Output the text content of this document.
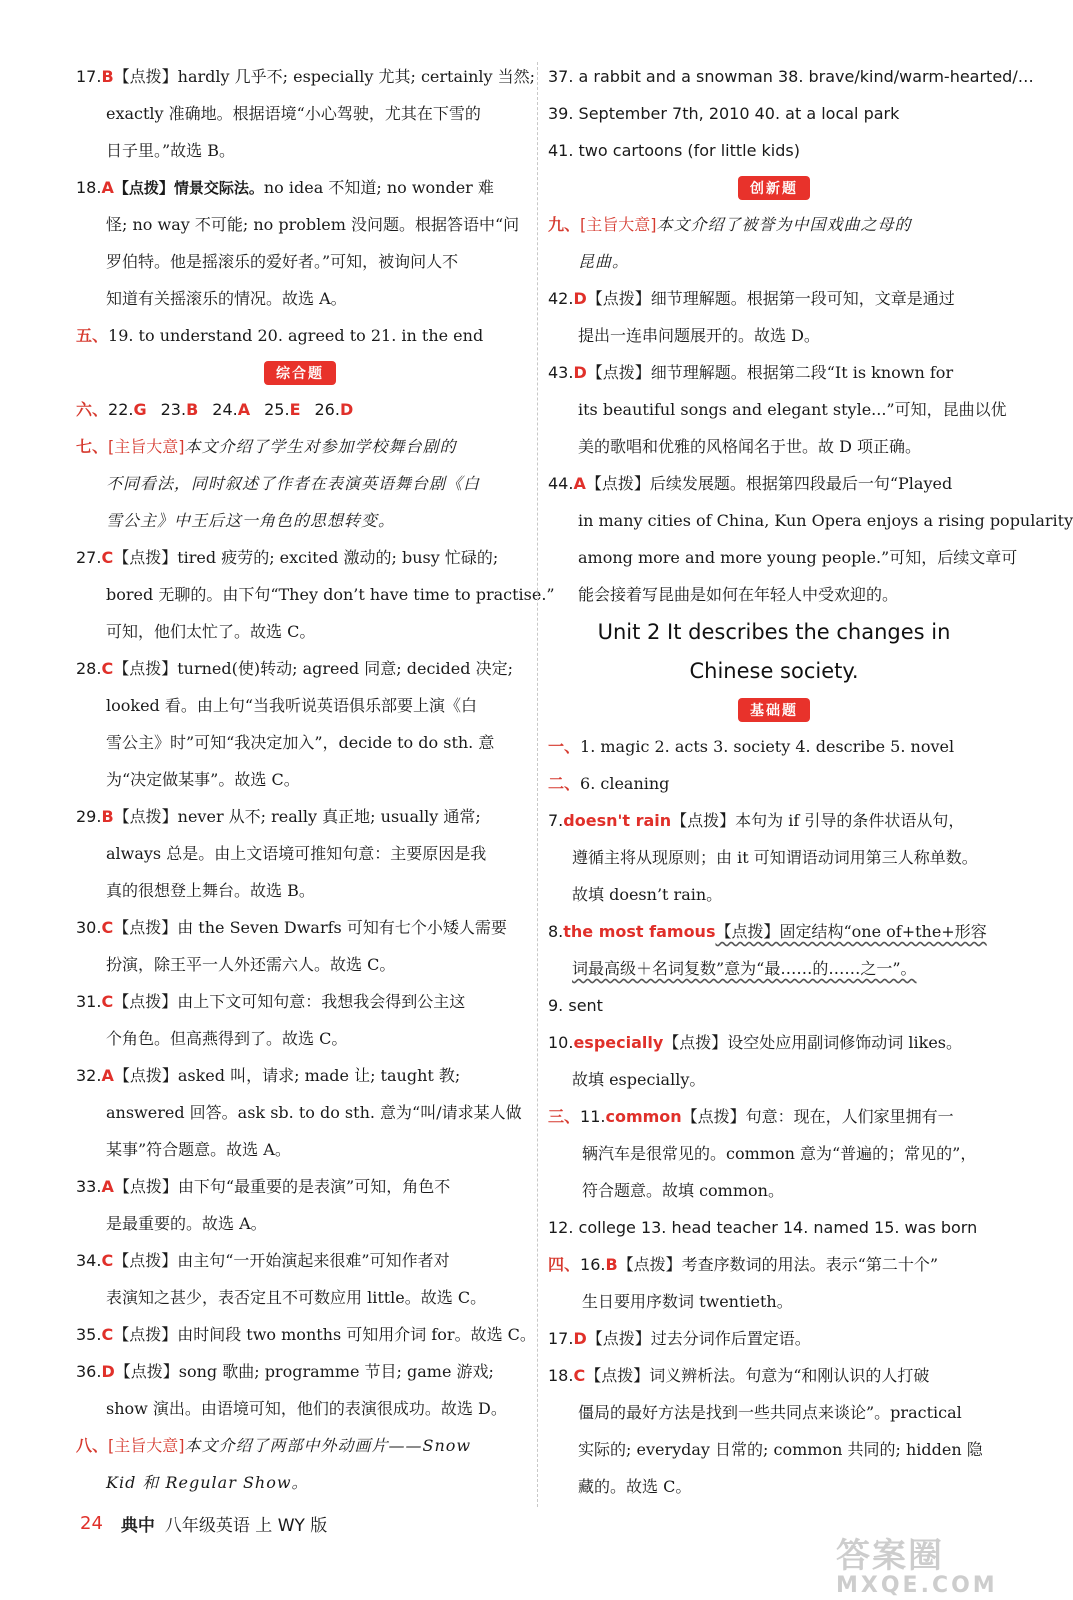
17.B【点拨】hardly 几乎不; especially 尤其; certainly 当然;
exactly 准确地。根据语境“小心驾驶，尤其在下雪的
日子里。”故选 B。
18.A【点拨】情景交际法。no idea 不知道; no wonder 难
怪; no way 不可能; no problem 没问题。根据答语中“问
罗伯特。他是摇滚乐的爱好者。”可知，被询问人不
知道有关摇滚乐的情况。故选 A。
五、19. to understand 20. agreed to 21. in the end
综合题
六、22.G 23.B 24.A 25.E 26.D
七、[主旨大意]本文介绍了学生对参加学校舞台剧的
不同看法，同时叙述了作者在表演英语舞台剧《白
雪公主》中王后这一角色的思想转变。
27.C【点拨】tired 疲劳的; excited 激动的; busy 忙碌的;
bored 无聊的。由下句“They don’t have time to practise.”
可知，他们太忙了。故选 C。
28.C【点拨】turned(使)转动; agreed 同意; decided 决定;
looked 看。由上句“当我听说英语俱乐部要上演《白
雪公主》时”可知“我决定加入”，decide to do sth. 意
为“决定做某事”。故选 C。
29.B【点拨】never 从不; really 真正地; usually 通常;
always 总是。由上文语境可推知句意：主要原因是我
真的很想登上舞台。故选 B。
30.C【点拨】由 the Seven Dwarfs 可知有七个小矮人需要
扮演，除王平一人外还需六人。故选 C。
31.C【点拨】由上下文可知句意：我想我会得到公主这
个角色。但高燕得到了。故选 C。
32.A【点拨】asked 叫，请求; made 让; taught 教;
answered 回答。ask sb. to do sth. 意为“叫/请求某人做
某事”符合题意。故选 A。
33.A【点拨】由下句“最重要的是表演”可知，角色不
是最重要的。故选 A。
34.C【点拨】由主句“一开始演起来很难”可知作者对
表演知之甚少，表否定且不可数应用 little。故选 C。
35.C【点拨】由时间段 two months 可知用介词 for。故选 C。
36.D【点拨】song 歌曲; programme 节目; game 游戏;
show 演出。由语境可知，他们的表演很成功。故选 D。
八、[主旨大意]本文介绍了两部中外动画片——Snow
Kid 和 Regular Show。
37. a rabbit and a snowman 38. brave/kind/warm-hearted/…
39. September 7th, 2010 40. at a local park
41. two cartoons (for little kids)
创新题
九、[主旨大意]本文介绍了被誉为中国戏曲之母的
昆曲。
42.D【点拨】细节理解题。根据第一段可知，文章是通过
提出一连串问题展开的。故选 D。
43.D【点拨】细节理解题。根据第二段“It is known for
its beautiful songs and elegant style...”可知，昆曲以优
美的歌唱和优雅的风格闻名于世。故 D 项正确。
44.A【点拨】后续发展题。根据第四段最后一句“Played
in many cities of China, Kun Opera enjoys a rising popularity
among more and more young people.”可知，后续文章可
能会接着写昆曲是如何在年轻人中受欢迎的。
Unit 2 It describes the changes in
Chinese society.
基础题
一、1. magic 2. acts 3. society 4. describe 5. novel
二、6. cleaning
7.doesn't rain【点拨】本句为 if 引导的条件状语从句，
遵循主将从现原则；由 it 可知谓语动词用第三人称单数。
故填 doesn’t rain。
8.the most famous【点拨】固定结构“one of+the+形容
词最高级＋名词复数”意为“最……的……之一”。
9. sent
10.especially【点拨】设空处应用副词修饰动词 likes。
故填 especially。
三、11.common【点拨】句意：现在，人们家里拥有一
辆汽车是很常见的。common 意为“普遍的；常见的”，
符合题意。故填 common。
12. college 13. head teacher 14. named 15. was born
四、16.B【点拨】考查序数词的用法。表示“第二十个”
生日要用序数词 twentieth。
17.D【点拨】过去分词作后置定语。
18.C【点拨】词义辨析法。句意为“和刚认识的人打破
僵局的最好方法是找到一些共同点来谈论”。practical
实际的; everyday 日常的; common 共同的; hidden 隐
藏的。故选 C。
24 典中 八年级英语 上 WY 版
答案圈
MXQE.COM
